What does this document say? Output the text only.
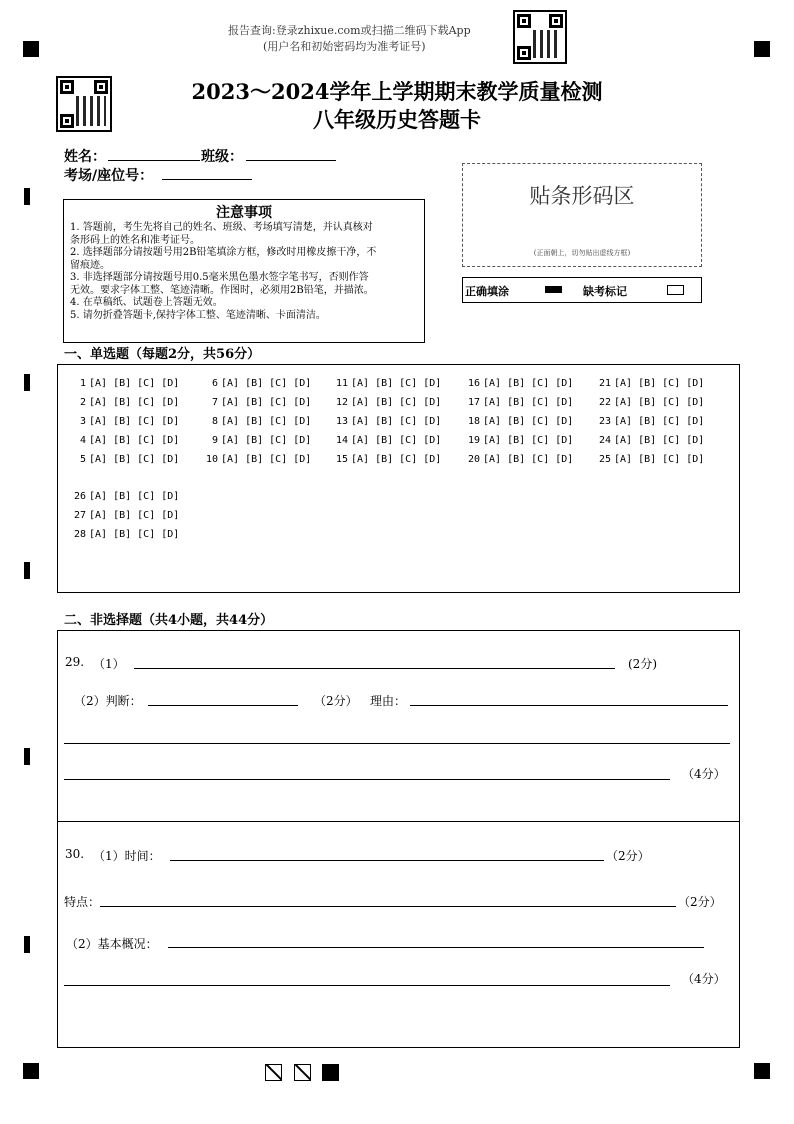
报告查询:登录zhixue.com或扫描二维码下载App
(用户名和初始密码均为准考证号)
2023～2024学年上学期期末教学质量检测
八年级历史答题卡
姓名：	班级：
考场/座位号：
注意事项
1. 答题前，考生先将自己的姓名、班级、考场填写清楚，并认真核对
条形码上的姓名和准考证号。
2. 选择题部分请按题号用2B铅笔填涂方框，修改时用橡皮擦干净，不
留痕迹。
3. 非选择题部分请按题号用0.5毫米黑色墨水签字笔书写，否则作答
无效。要求字体工整、笔迹清晰。作图时，必须用2B铅笔，并描浓。
4. 在草稿纸、试题卷上答题无效。
5. 请勿折叠答题卡,保持字体工整、笔迹清晰、卡面清洁。
贴条形码区
(正面朝上，切勿贴出虚线方框)
正确填涂	缺考标记
一、单选题（每题2分，共56分）
1 [A] [B] [C] [D]
2 [A] [B] [C] [D]
3 [A] [B] [C] [D]
4 [A] [B] [C] [D]
5 [A] [B] [C] [D]
6 [A] [B] [C] [D]
7 [A] [B] [C] [D]
8 [A] [B] [C] [D]
9 [A] [B] [C] [D]
10 [A] [B] [C] [D]
11 [A] [B] [C] [D]
12 [A] [B] [C] [D]
13 [A] [B] [C] [D]
14 [A] [B] [C] [D]
15 [A] [B] [C] [D]
16 [A] [B] [C] [D]
17 [A] [B] [C] [D]
18 [A] [B] [C] [D]
19 [A] [B] [C] [D]
20 [A] [B] [C] [D]
21 [A] [B] [C] [D]
22 [A] [B] [C] [D]
23 [A] [B] [C] [D]
24 [A] [B] [C] [D]
25 [A] [B] [C] [D]
26 [A] [B] [C] [D]
27 [A] [B] [C] [D]
28 [A] [B] [C] [D]
二、非选择题（共4小题，共44分）
29. （1）	(2分)
（2）判断：	（2分） 理由：
（4分）
30. （1）时间：	（2分）
特点：	（2分）
（2）基本概况：
（4分）
